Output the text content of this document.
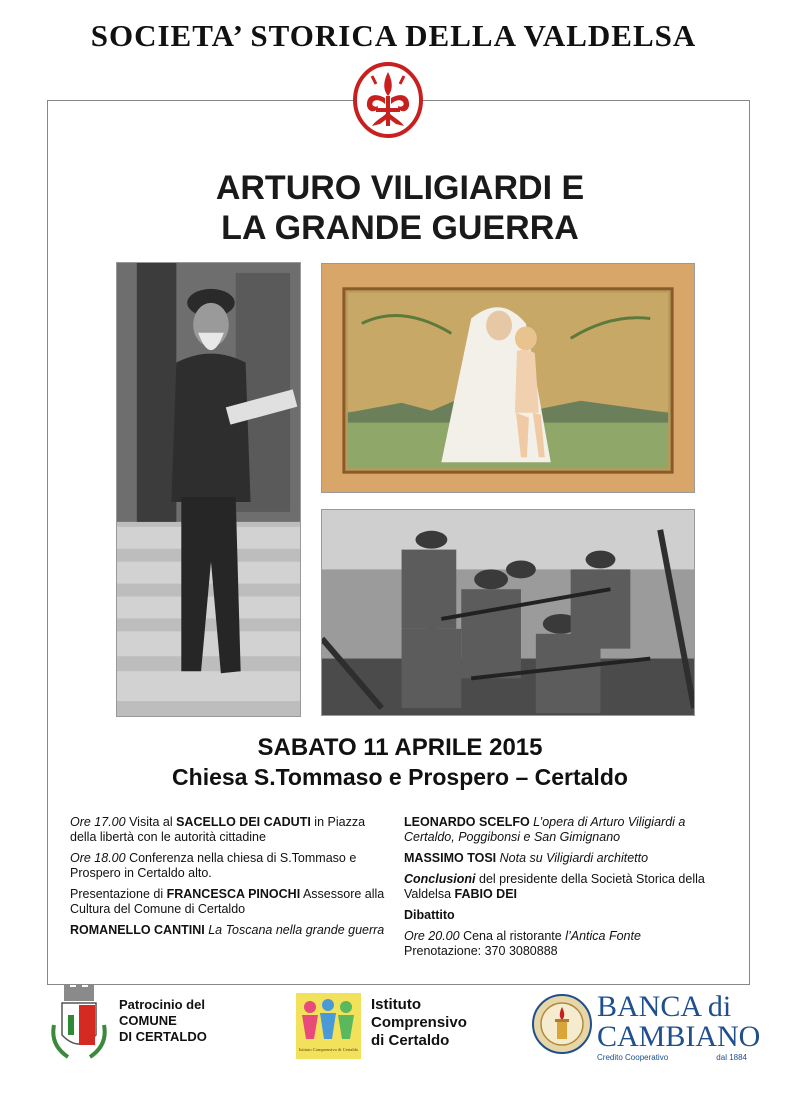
SOCIETA’ STORICA DELLA VALDELSA
ARTURO VILIGIARDI E
LA GRANDE GUERRA
SABATO 11 APRILE 2015
Chiesa S.Tommaso e Prospero – Certaldo

Ore 17.00 Visita al SACELLO DEI CADUTI in Piazza della libertà con le autorità cittadine

Ore 18.00 Conferenza nella chiesa di S.Tommaso e Prospero in Certaldo alto.

Presentazione di FRANCESCA PINOCHI Assessore alla Cultura del Comune di Certaldo

ROMANELLO CANTINI La Toscana nella grande guerra

LEONARDO SCELFO L’opera di Arturo Viligiardi a Certaldo, Poggibonsi e San Gimignano

MASSIMO TOSI Nota su Viligiardi architetto

Conclusioni del presidente della Società Storica della Valdelsa FABIO DEI

Dibattito

Ore 20.00 Cena al ristorante l’Antica Fonte

Prenotazione: 370 3080888

Patrocinio del
COMUNE
DI CERTALDO
Istituto Comprensivo di Certaldo
Istituto
Comprensivo
di Certaldo
BANCA di
CAMBIANO
Credito Cooperativo	dal 1884
